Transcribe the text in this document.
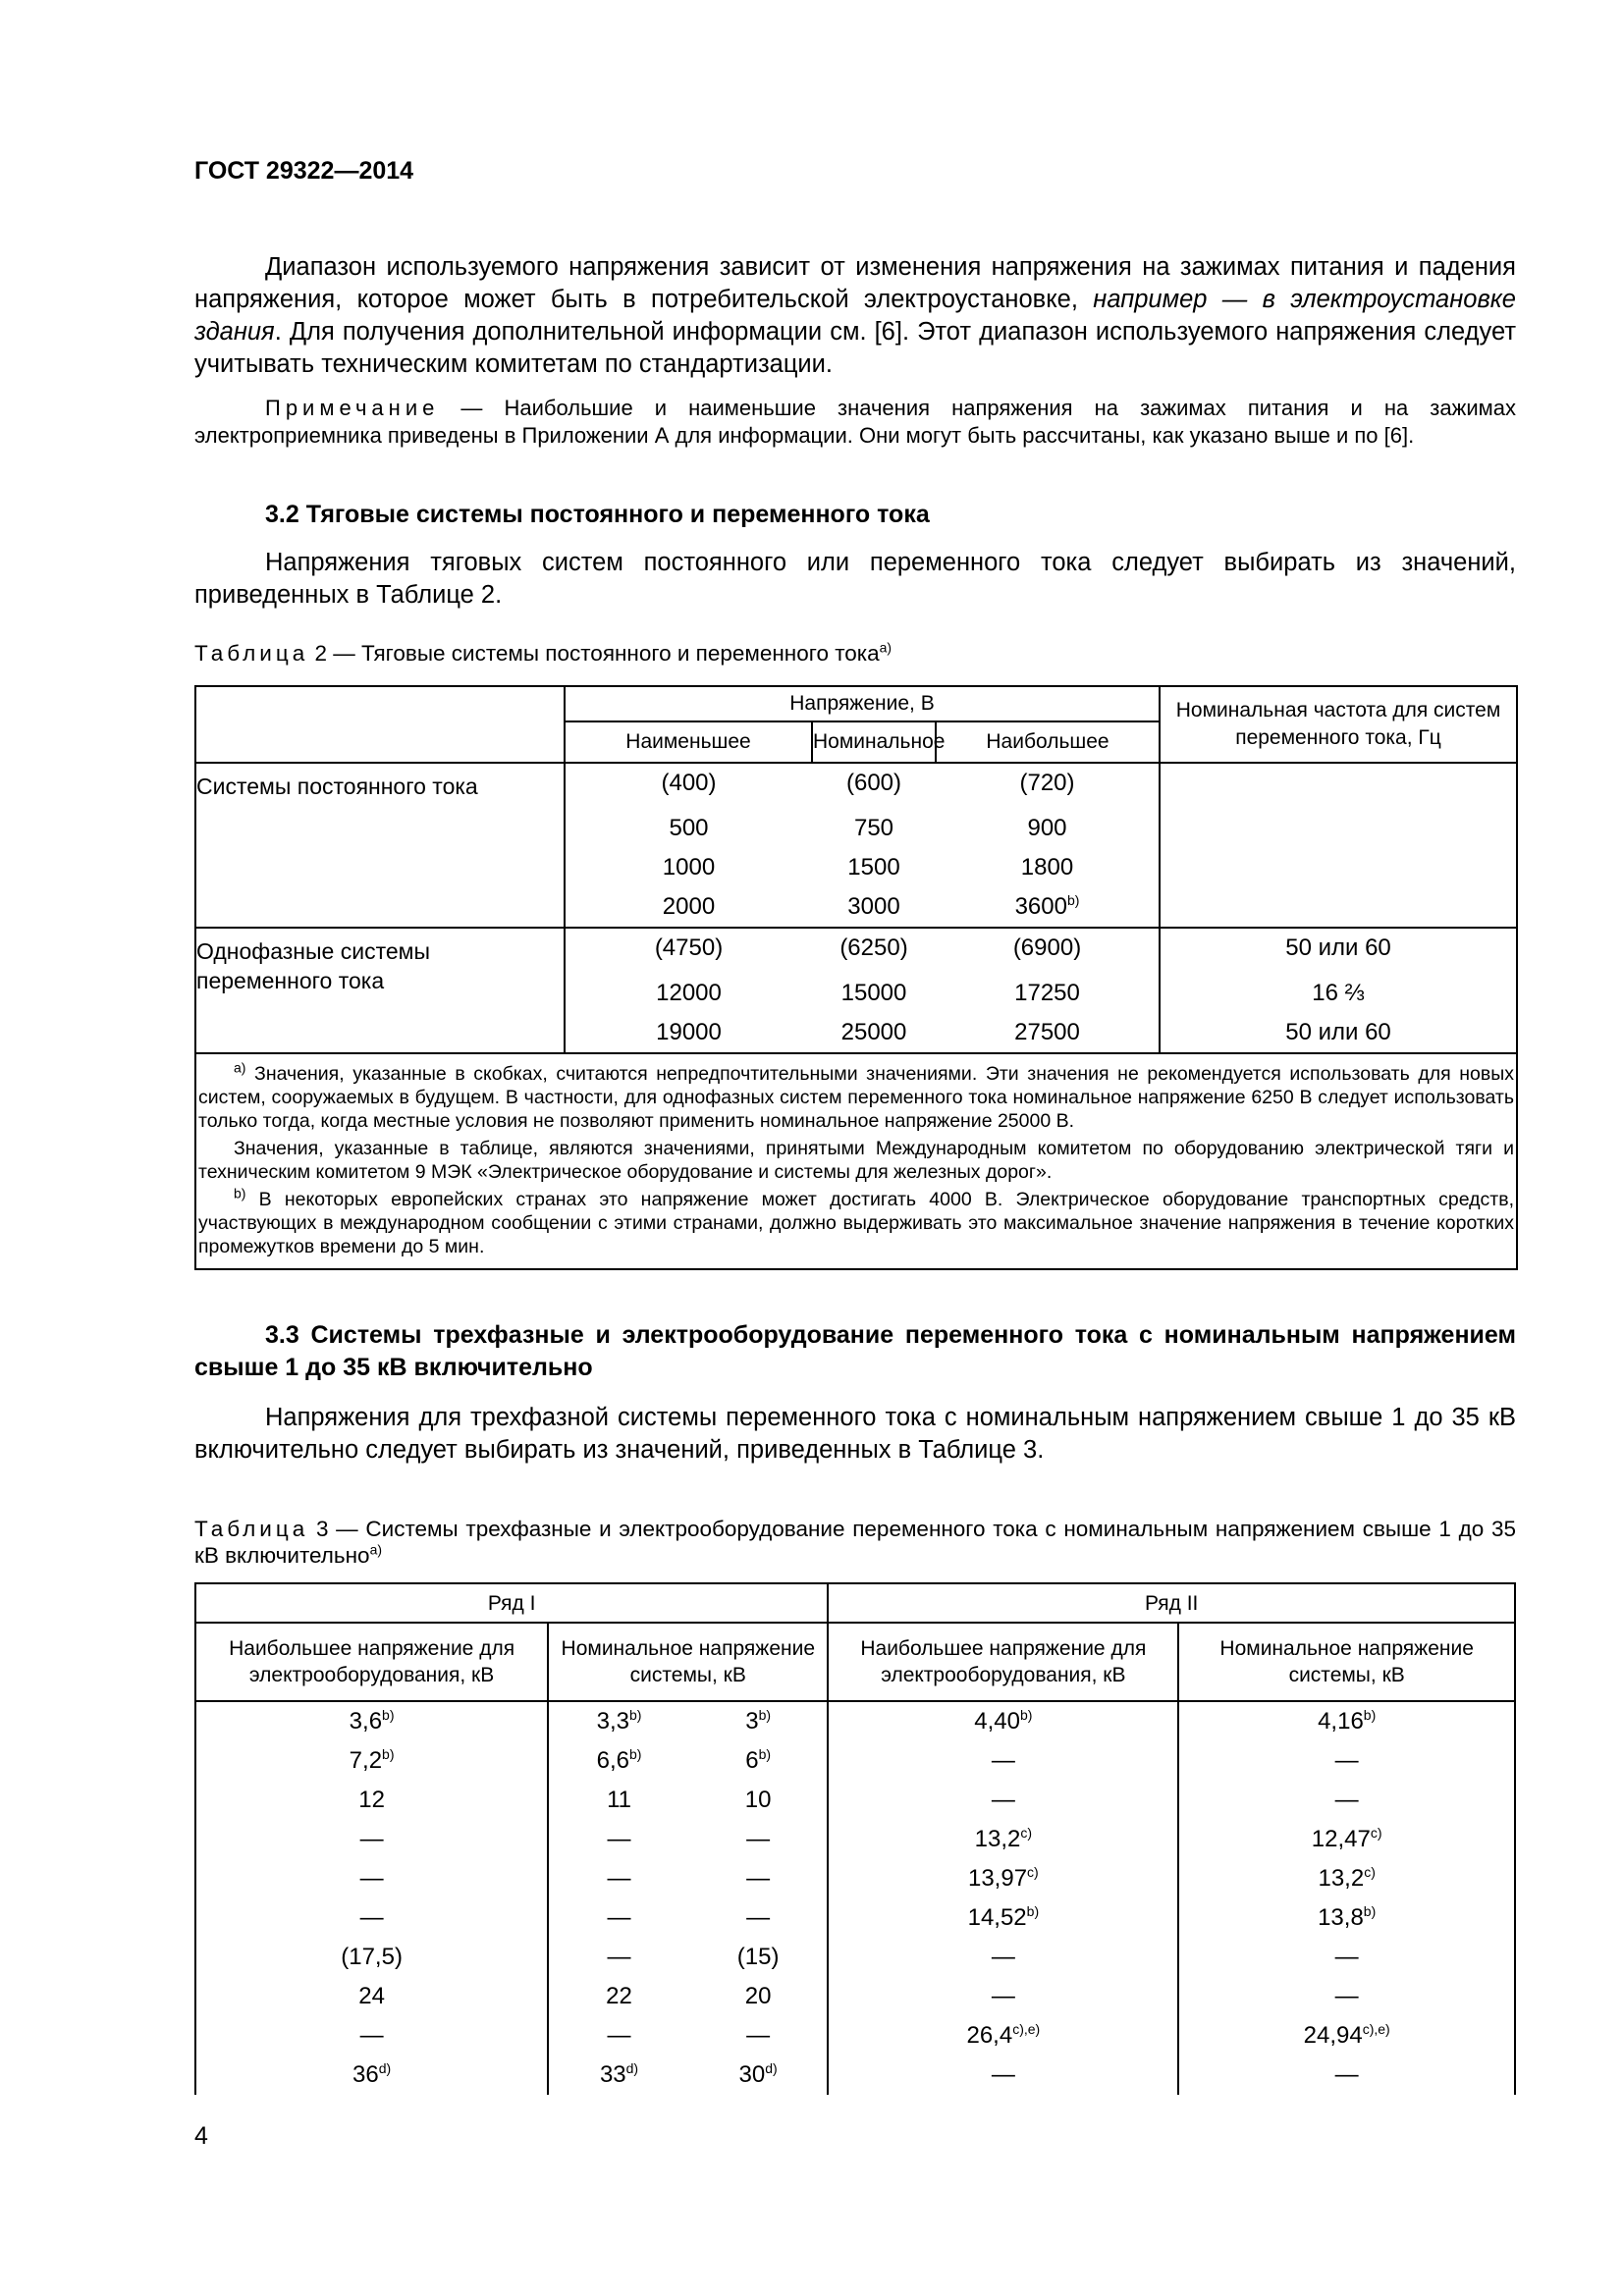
ГОСТ 29322—2014

Диапазон используемого напряжения зависит от изменения напряжения на зажимах питания и падения напряжения, которое может быть в потребительской электроустановке, например — в электроустановке здания. Для получения дополнительной информации см. [6]. Этот диапазон используемого напряжения следует учитывать техническим комитетам по стандартизации.

Примечание — Наибольшие и наименьшие значения напряжения на зажимах питания и на зажимах электроприемника приведены в Приложении А для информации. Они могут быть рассчитаны, как указано выше и по [6].

3.2 Тяговые системы постоянного и переменного тока

Напряжения тяговых систем постоянного или переменного тока следует выбирать из значений, приведенных в Таблице 2.

Таблица 2 — Тяговые системы постоянного и переменного тока$^{a)}$

	Напряжение, В			Номинальная частота для систем переменного тока, Гц
	Наименьшее	Номинальное	Наибольшее	
Системы постоянного тока	(400)	(600)	(720)	
	500	750	900	
	1000	1500	1800	
	2000	3000	3600$^{b)}$
Однофазные системы переменного тока	(4750)	(6250)	(6900)	50 или 60
	12000	15000	17250	16 ⅔
	19000	25000	27500	50 или 60

$^{a)}$ Значения, указанные в скобках, считаются непредпочтительными значениями. Эти значения не рекомендуется использовать для новых систем, сооружаемых в будущем. В частности, для однофазных систем переменного тока номинальное напряжение 6250 В следует использовать только тогда, когда местные условия не позволяют применить номинальное напряжение 25000 В.

Значения, указанные в таблице, являются значениями, принятыми Международным комитетом по оборудованию электрической тяги и техническим комитетом 9 МЭК «Электрическое оборудование и системы для железных дорог».

$^{b)}$ В некоторых европейских странах это напряжение может достигать 4000 В. Электрическое оборудование транспортных средств, участвующих в международном сообщении с этими странами, должно выдерживать это максимальное значение напряжения в течение коротких промежутков времени до 5 мин.				

3.3 Системы трехфазные и электрооборудование переменного тока с номинальным напряжением свыше 1 до 35 кВ включительно

Напряжения для трехфазной системы переменного тока с номинальным напряжением свыше 1 до 35 кВ включительно следует выбирать из значений, приведенных в Таблице 3.

Таблица 3 — Системы трехфазные и электрооборудование переменного тока с номинальным напряжением свыше 1 до 35 кВ включительно$^{a)}$

Ряд I			Ряд II	
Наибольшее напряжение для электрооборудования, кВ	Номинальное напряжение системы, кВ		Наибольшее напряжение для электрооборудования, кВ	Номинальное напряжение системы, кВ
3,6$^{b)}$	3,3$^{b)}$	3$^{b)}$	4,40$^{b)}$	4,16$^{b)}$
7,2$^{b)}$	6,6$^{b)}$	6$^{b)}$	—	—
12	11	10	—	—
—	—	—	13,2$^{c)}$	12,47$^{c)}$
—	—	—	13,97$^{c)}$	13,2$^{c)}$
—	—	—	14,52$^{b)}$	13,8$^{b)}$
(17,5)	—	(15)	—	—
24	22	20	—	—
—	—	—	$26,4^{c),e)}$	$24,94^{c),e)}$
36$^{d)}$	33$^{d)}$	30$^{d)}$	—	—
4
